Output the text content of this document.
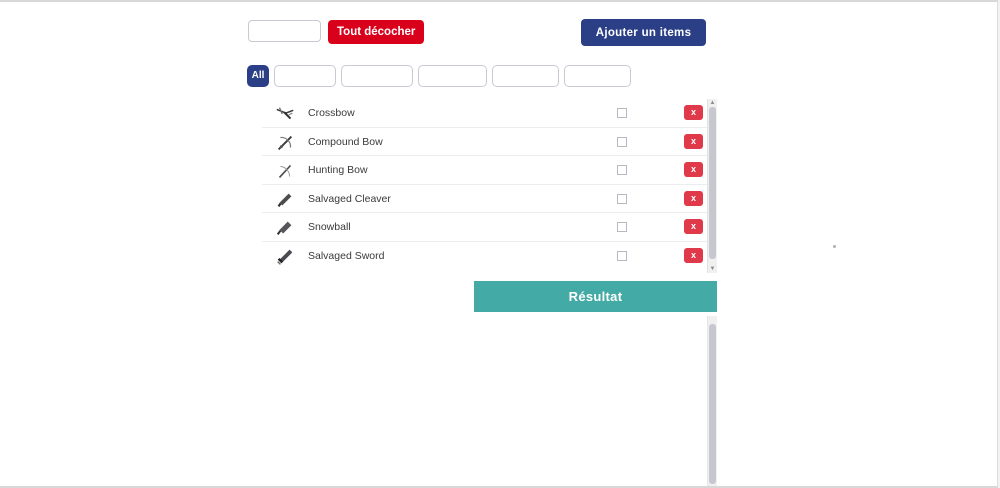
Tout décocher	Ajouter un items
All
Crossbow	x
Compound Bow	x
Hunting Bow	x
Salvaged Cleaver	x
Snowball	x
Salvaged Sword	x
▲
▼
Résultat
